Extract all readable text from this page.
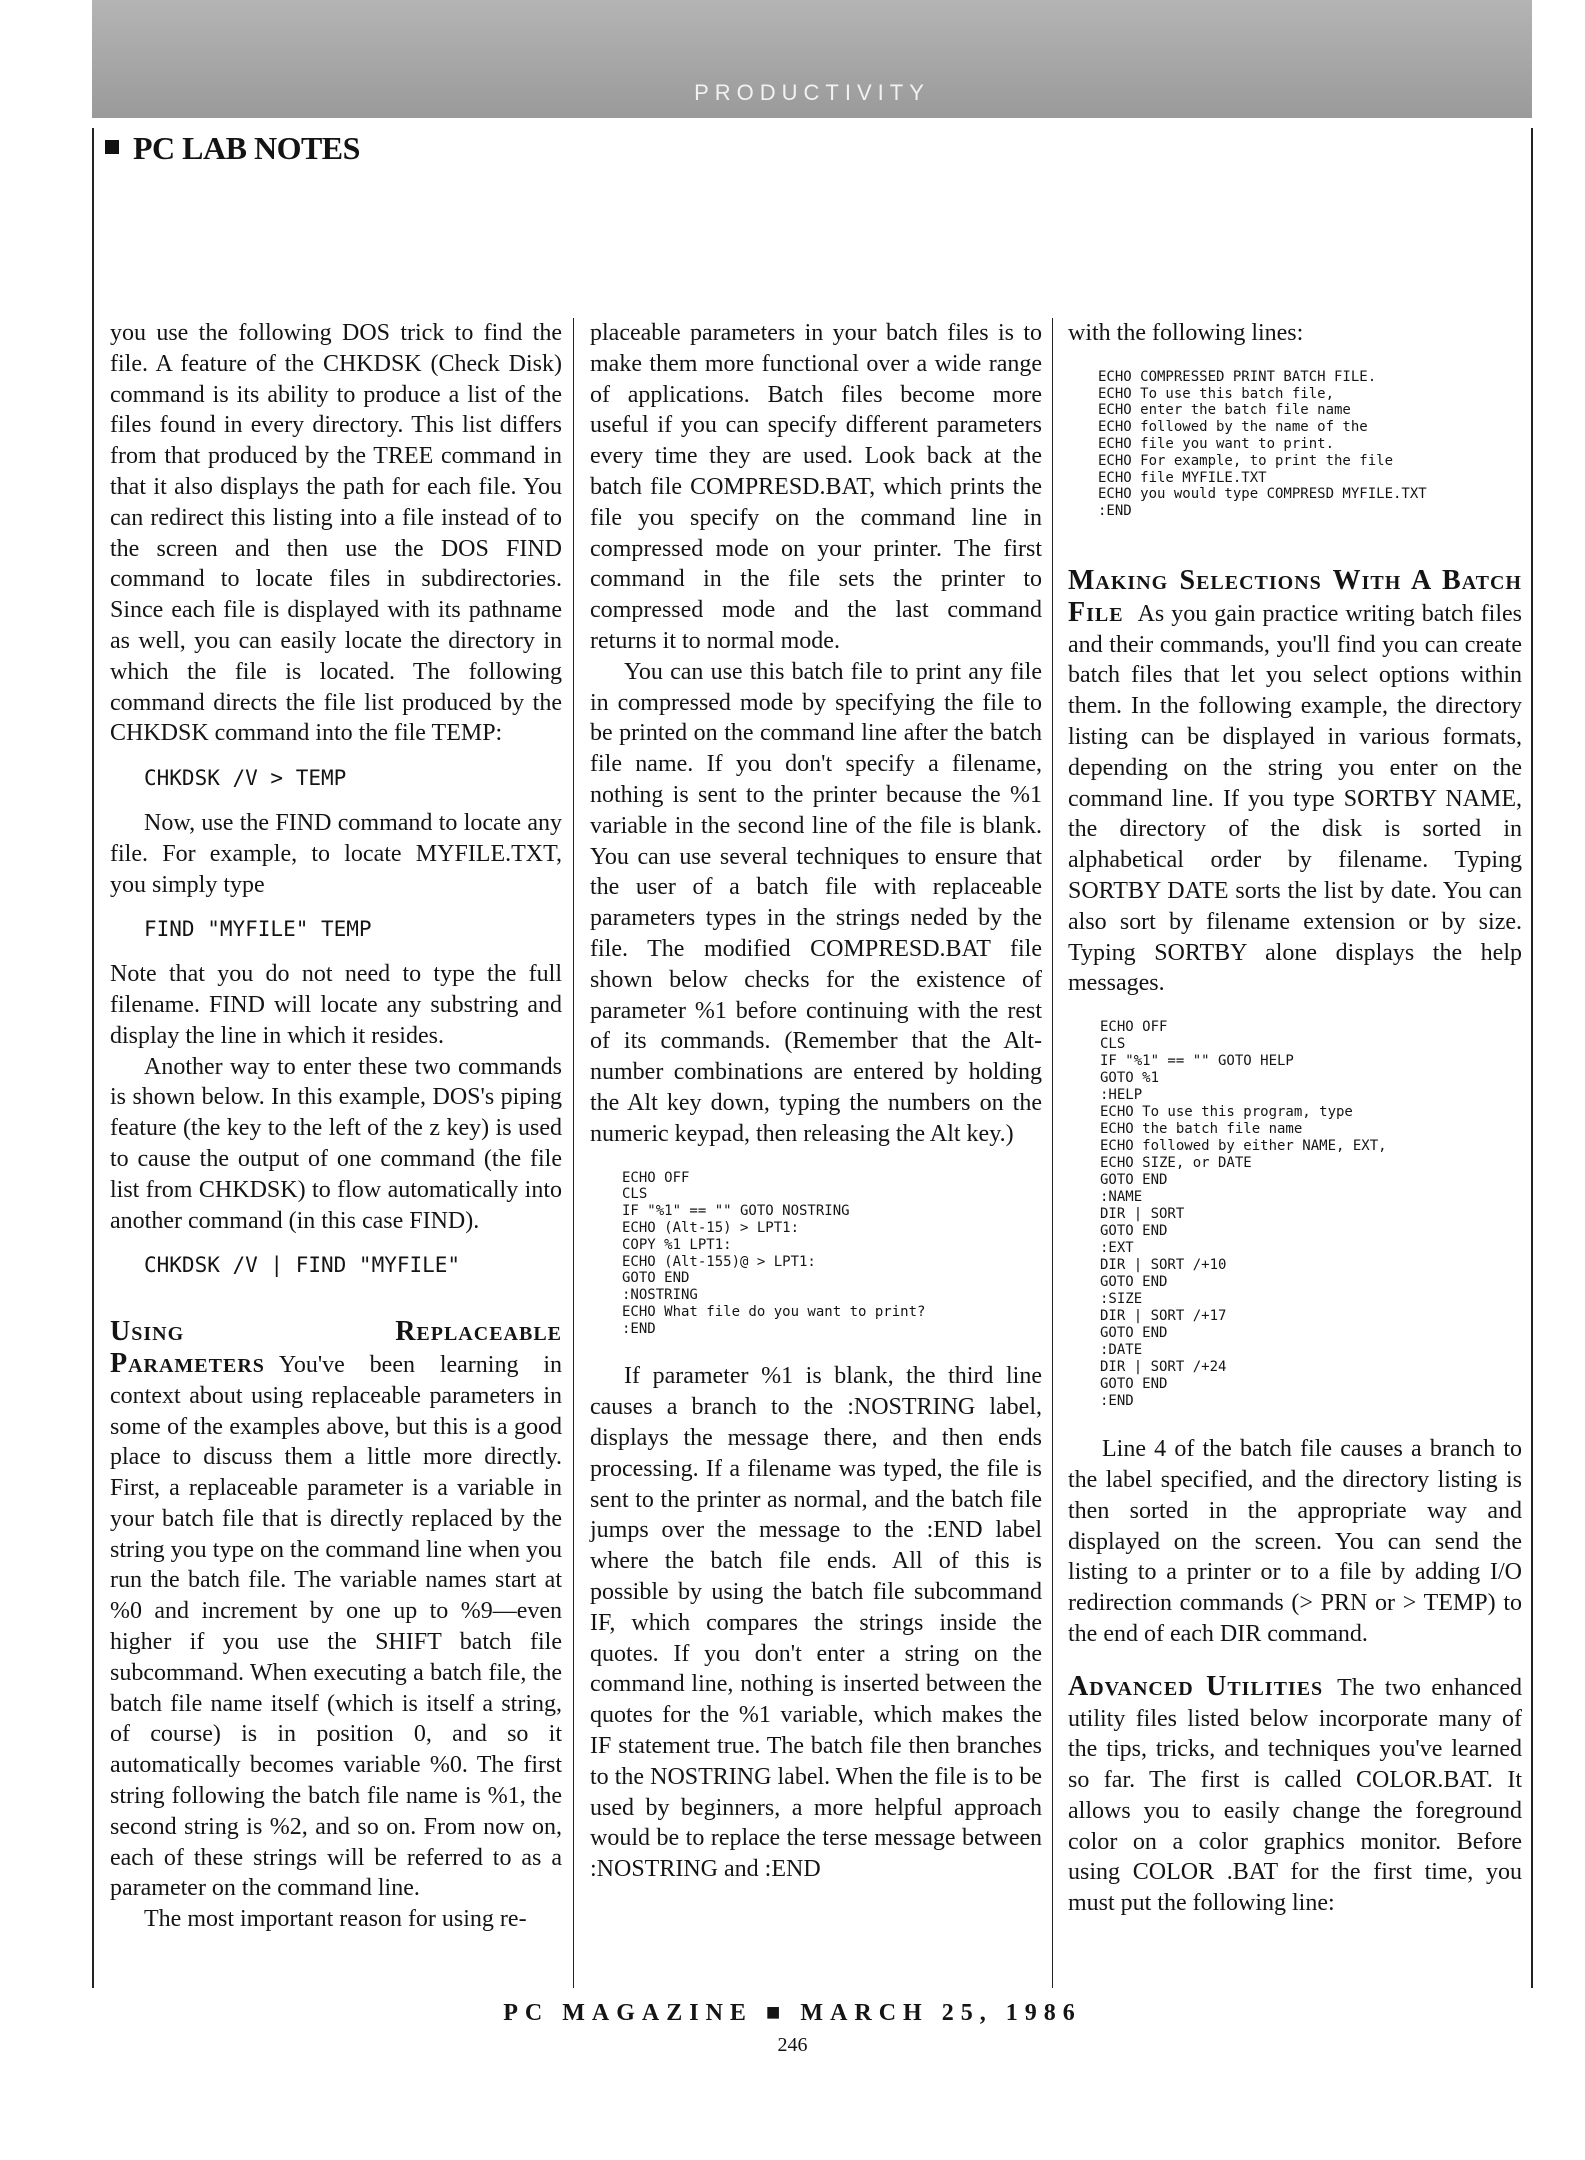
PRODUCTIVITY
PC LAB NOTES

you use the following DOS trick to find the file. A feature of the CHKDSK (Check Disk) command is its ability to produce a list of the files found in every directory. This list differs from that produced by the TREE command in that it also displays the path for each file. You can redirect this listing into a file instead of to the screen and then use the DOS FIND command to locate files in subdirectories. Since each file is displayed with its pathname as well, you can easily locate the directory in which the file is located. The following command directs the file list produced by the CHKDSK command into the file TEMP:

CHKDSK /V > TEMP

Now, use the FIND command to locate any file. For example, to locate MYFILE.TXT, you simply type

FIND "MYFILE" TEMP

Note that you do not need to type the full filename. FIND will locate any substring and display the line in which it resides.

Another way to enter these two commands is shown below. In this example, DOS's piping feature (the key to the left of the z key) is used to cause the output of one command (the file list from CHKDSK) to flow automatically into another command (in this case FIND).

CHKDSK /V | FIND "MYFILE"

Using Replaceable Parameters You've been learning in context about using replaceable parameters in some of the examples above, but this is a good place to discuss them a little more directly. First, a replaceable parameter is a variable in your batch file that is directly replaced by the string you type on the command line when you run the batch file. The variable names start at %0 and increment by one up to %9—even higher if you use the SHIFT batch file subcommand. When executing a batch file, the batch file name itself (which is itself a string, of course) is in position 0, and so it automatically becomes variable %0. The first string following the batch file name is %1, the second string is %2, and so on. From now on, each of these strings will be referred to as a parameter on the command line.

The most important reason for using re-

placeable parameters in your batch files is to make them more functional over a wide range of applications. Batch files become more useful if you can specify different parameters every time they are used. Look back at the batch file COMPRESD.BAT, which prints the file you specify on the command line in compressed mode on your printer. The first command in the file sets the printer to compressed mode and the last command returns it to normal mode.

You can use this batch file to print any file in compressed mode by specifying the file to be printed on the command line after the batch file name. If you don't specify a filename, nothing is sent to the printer because the %1 variable in the second line of the file is blank. You can use several techniques to ensure that the user of a batch file with replaceable parameters types in the strings neded by the file. The modified COMPRESD.BAT file shown below checks for the existence of parameter %1 before continuing with the rest of its commands. (Remember that the Alt-number combinations are entered by holding the Alt key down, typing the numbers on the numeric keypad, then releasing the Alt key.)

ECHO OFF
CLS
IF "%1" == "" GOTO NOSTRING
ECHO (Alt-15) > LPT1:
COPY %1 LPT1:
ECHO (Alt-155)@ > LPT1:
GOTO END
:NOSTRING
ECHO What file do you want to print?
:END

If parameter %1 is blank, the third line causes a branch to the :NOSTRING label, displays the message there, and then ends processing. If a filename was typed, the file is sent to the printer as normal, and the batch file jumps over the message to the :END label where the batch file ends. All of this is possible by using the batch file subcommand IF, which compares the strings inside the quotes. If you don't enter a string on the command line, nothing is inserted between the quotes for the %1 variable, which makes the IF statement true. The batch file then branches to the NOSTRING label. When the file is to be used by beginners, a more helpful approach would be to replace the terse message between :NOSTRING and :END

with the following lines:

ECHO COMPRESSED PRINT BATCH FILE.
ECHO To use this batch file,
ECHO enter the batch file name
ECHO followed by the name of the
ECHO file you want to print.
ECHO For example, to print the file
ECHO file MYFILE.TXT
ECHO you would type COMPRESD MYFILE.TXT
:END

Making Selections With A Batch File As you gain practice writing batch files and their commands, you'll find you can create batch files that let you select options within them. In the following example, the directory listing can be displayed in various formats, depending on the string you enter on the command line. If you type SORTBY NAME, the directory of the disk is sorted in alphabetical order by filename. Typing SORTBY DATE sorts the list by date. You can also sort by filename extension or by size. Typing SORTBY alone displays the help messages.

ECHO OFF
CLS
IF "%1" == "" GOTO HELP
GOTO %1
:HELP
ECHO To use this program, type
ECHO the batch file name
ECHO followed by either NAME, EXT,
ECHO SIZE, or DATE
GOTO END
:NAME
DIR | SORT
GOTO END
:EXT
DIR | SORT /+10
GOTO END
:SIZE
DIR | SORT /+17
GOTO END
:DATE
DIR | SORT /+24
GOTO END
:END

Line 4 of the batch file causes a branch to the label specified, and the directory listing is then sorted in the appropriate way and displayed on the screen. You can send the listing to a printer or to a file by adding I/O redirection commands (> PRN or > TEMP) to the end of each DIR command.

Advanced Utilities The two enhanced utility files listed below incorporate many of the tips, tricks, and techniques you've learned so far. The first is called COLOR.BAT. It allows you to easily change the foreground color on a color graphics monitor. Before using COLOR .BAT for the first time, you must put the following line:

PC MAGAZINE ■ MARCH 25, 1986
246
